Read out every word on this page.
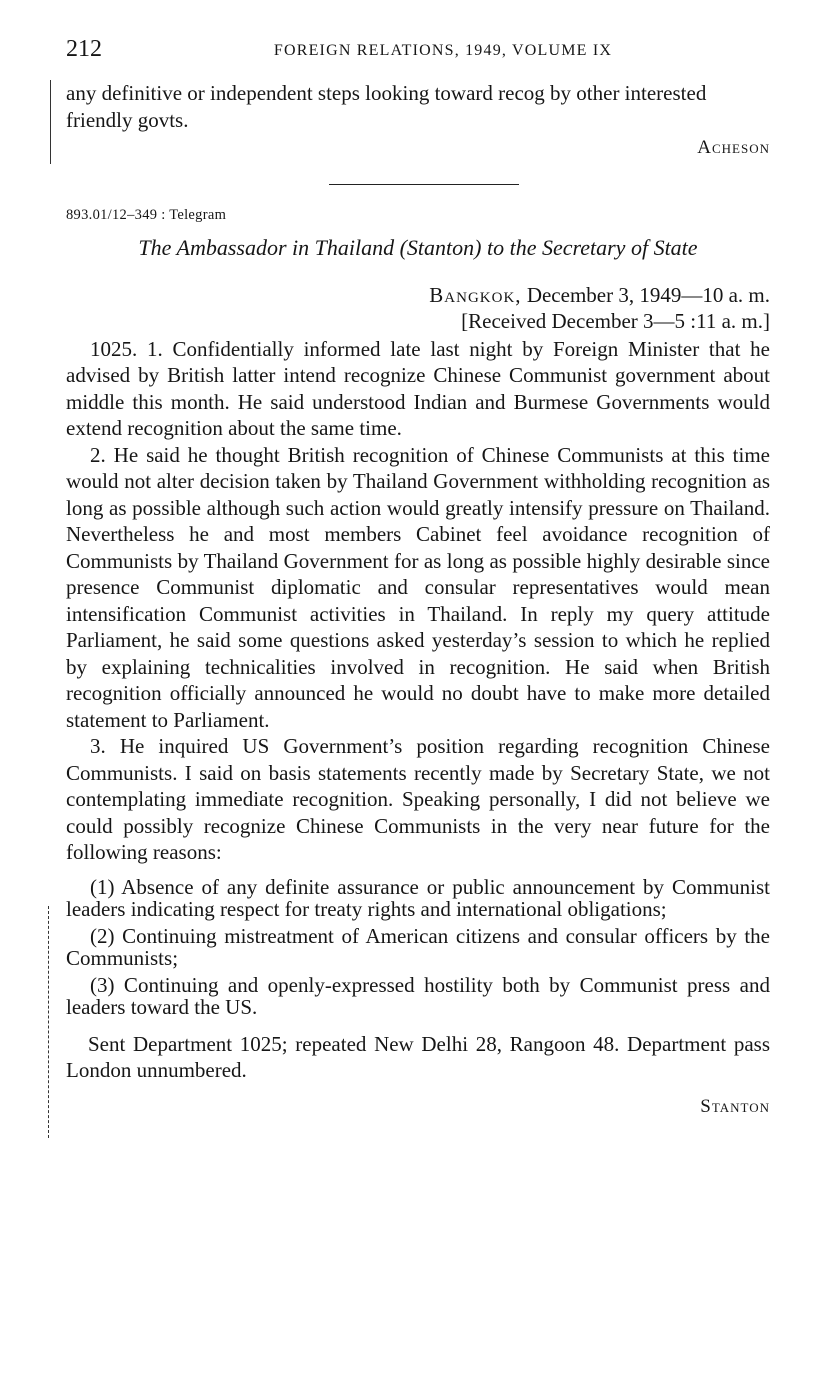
212	FOREIGN RELATIONS, 1949, VOLUME IX

any definitive or independent steps looking toward recog by other interested friendly govts.

Acheson

893.01/12–349 : Telegram
The Ambassador in Thailand (Stanton) to the Secretary of State
Bangkok, December 3, 1949—10 a. m.
[Received December 3—5 :11 a. m.]

1025. 1. Confidentially informed late last night by Foreign Minister that he advised by British latter intend recognize Chinese Communist government about middle this month. He said understood Indian and Burmese Governments would extend recognition about the same time.

2. He said he thought British recognition of Chinese Communists at this time would not alter decision taken by Thailand Government withholding recognition as long as possible although such action would greatly intensify pressure on Thailand. Nevertheless he and most members Cabinet feel avoidance recognition of Communists by Thailand Government for as long as possible highly desirable since presence Communist diplomatic and consular representatives would mean intensification Communist activities in Thailand. In reply my query attitude Parliament, he said some questions asked yesterday’s session to which he replied by explaining technicalities involved in recognition. He said when British recognition officially announced he would no doubt have to make more detailed statement to Parliament.

3. He inquired US Government’s position regarding recognition Chinese Communists. I said on basis statements recently made by Secretary State, we not contemplating immediate recognition. Speaking personally, I did not believe we could possibly recognize Chinese Communists in the very near future for the following reasons:

(1) Absence of any definite assurance or public announcement by Communist leaders indicating respect for treaty rights and international obligations;

(2) Continuing mistreatment of American citizens and consular officers by the Communists;

(3) Continuing and openly-expressed hostility both by Communist press and leaders toward the US.

Sent Department 1025; repeated New Delhi 28, Rangoon 48. Department pass London unnumbered.

Stanton
